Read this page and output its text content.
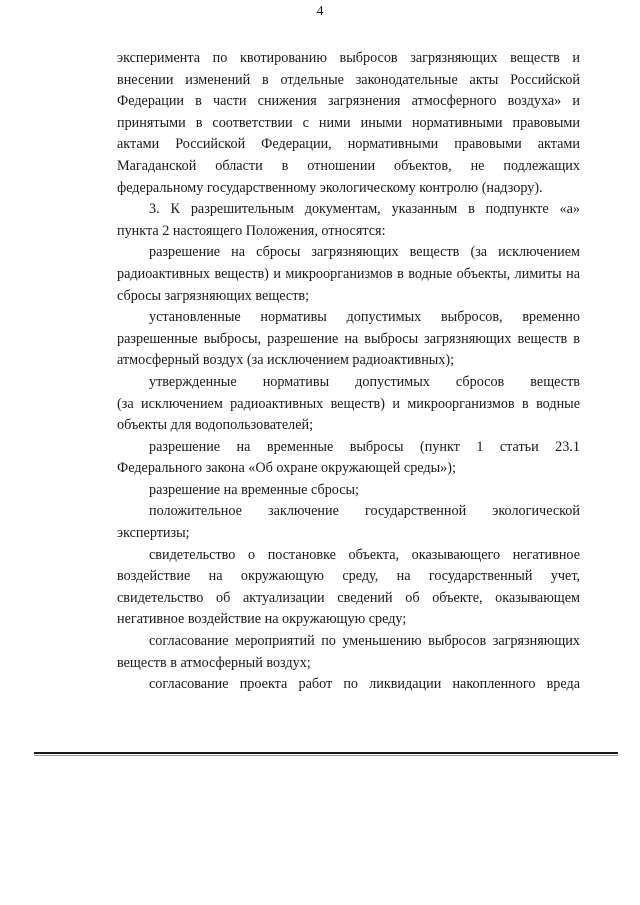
4
эксперимента по квотированию выбросов загрязняющих веществ и
внесении изменений в отдельные законодательные акты Российской
Федерации в части снижения загрязнения атмосферного воздуха» и
принятыми в соответствии с ними иными нормативными правовыми
актами Российской Федерации, нормативными правовыми актами
Магаданской области в отношении объектов, не подлежащих
федеральному государственному экологическому контролю (надзору).
3. К разрешительным документам, указанным в подпункте «а»
пункта 2 настоящего Положения, относятся:
разрешение на сбросы загрязняющих веществ (за исключением
радиоактивных веществ) и микроорганизмов в водные объекты, лимиты на
сбросы загрязняющих веществ;
установленные нормативы допустимых выбросов, временно
разрешенные выбросы, разрешение на выбросы загрязняющих веществ в
атмосферный воздух (за исключением радиоактивных);
утвержденные нормативы допустимых сбросов веществ
(за исключением радиоактивных веществ) и микроорганизмов в водные
объекты для водопользователей;
разрешение на временные выбросы (пункт 1 статьи 23.1
Федерального закона «Об охране окружающей среды»);
разрешение на временные сбросы;
положительное заключение государственной экологической
экспертизы;
свидетельство о постановке объекта, оказывающего негативное
воздействие на окружающую среду, на государственный учет,
свидетельство об актуализации сведений об объекте, оказывающем
негативное воздействие на окружающую среду;
согласование мероприятий по уменьшению выбросов загрязняющих
веществ в атмосферный воздух;
согласование проекта работ по ликвидации накопленного вреда
